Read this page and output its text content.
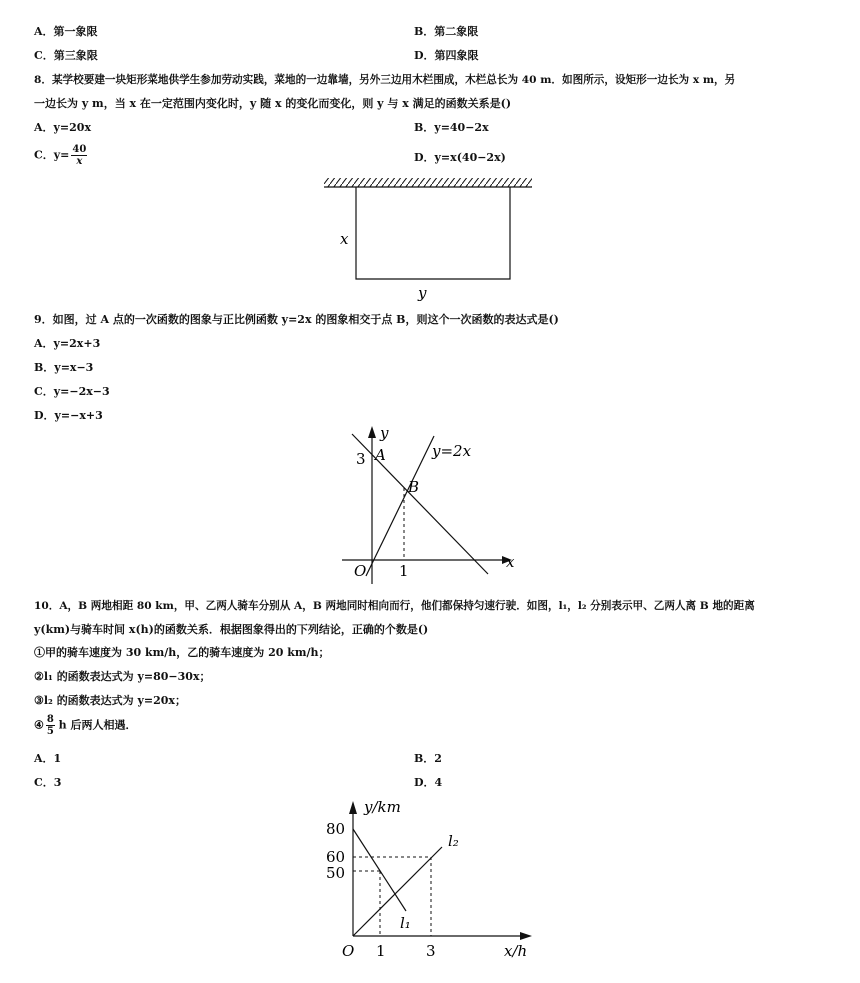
A．第一象限	B．第二象限
C．第三象限	D．第四象限
8．某学校要建一块矩形菜地供学生参加劳动实践，菜地的一边靠墙，另外三边用木栏围成，木栏总长为 40 m．如图所示，设矩形一边长为 x m，另
一边长为 y m，当 x 在一定范围内变化时，y 随 x 的变化而变化，则 y 与 x 满足的函数关系是()
A．y=20x	B．y=40−2x
C．$y= \frac{40}{x}$	D．y=x(40−2x)
x
y
9．如图，过 A 点的一次函数的图象与正比例函数 y=2x 的图象相交于点 B，则这个一次函数的表达式是()
A．y=2x+3
B．y=x−3
C．y=−2x−3
D．y=−x+3
y
x
O
3
1
A
B
y=2x
10．A，B 两地相距 80 km，甲、乙两人骑车分别从 A，B 两地同时相向而行，他们都保持匀速行驶．如图，l₁，l₂ 分别表示甲、乙两人离 B 地的距离
y(km)与骑车时间 x(h)的函数关系．根据图象得出的下列结论，正确的个数是()
①甲的骑车速度为 30 km/h，乙的骑车速度为 20 km/h；
②l₁ 的函数表达式为 y=80−30x；
③l₂ 的函数表达式为 y=20x；
④ $\frac{8}{5}$ h 后两人相遇．
A．1	B．2
C．3	D．4
y/km
x/h
O
80
60
50
1	3
l₁
l₂
